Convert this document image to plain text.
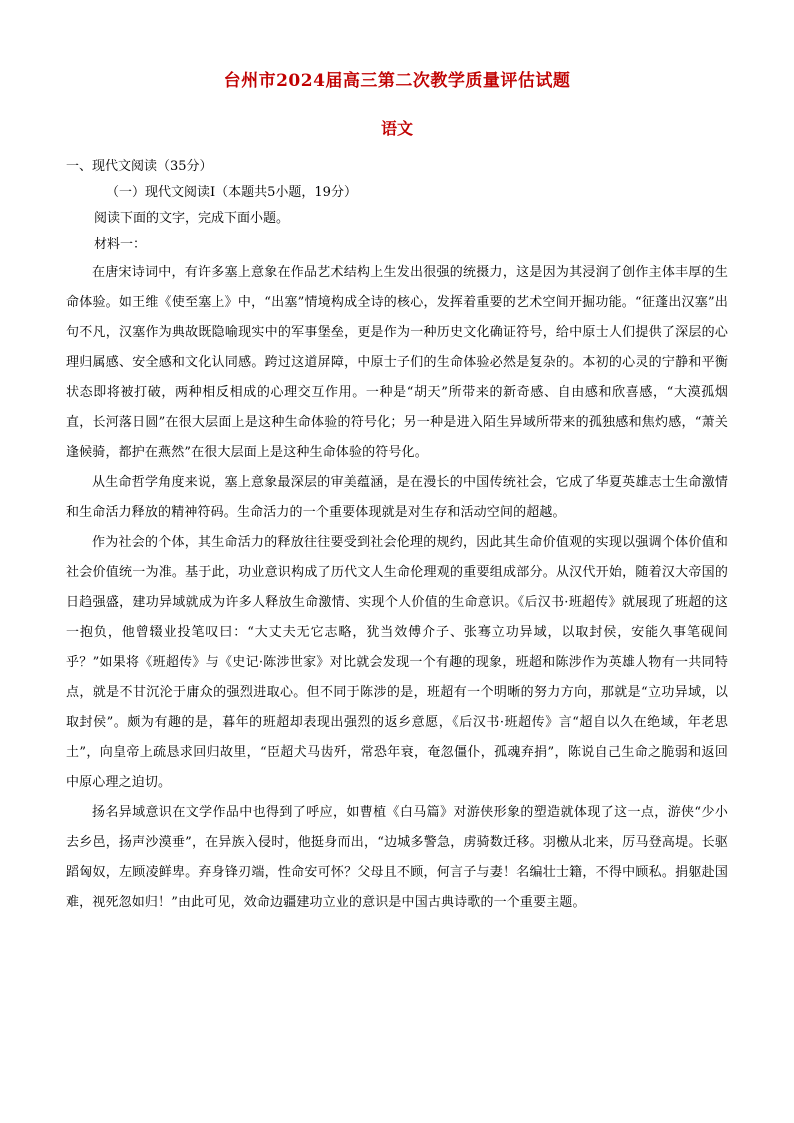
台州市2024届高三第二次教学质量评估试题
语文

一、现代文阅读（35分）

（一）现代文阅读Ⅰ（本题共5小题，19分）

阅读下面的文字，完成下面小题。

材料一：

在唐宋诗词中，有许多塞上意象在作品艺术结构上生发出很强的统摄力，这是因为其浸润了创作主体丰厚的生命体验。如王维《使至塞上》中，“出塞”情境构成全诗的核心，发挥着重要的艺术空间开掘功能。“征蓬出汉塞”出句不凡，汉塞作为典故既隐喻现实中的军事堡垒，更是作为一种历史文化确证符号，给中原士人们提供了深层的心理归属感、安全感和文化认同感。跨过这道屏障，中原士子们的生命体验必然是复杂的。本初的心灵的宁静和平衡状态即将被打破，两种相反相成的心理交互作用。一种是“胡天”所带来的新奇感、自由感和欣喜感，“大漠孤烟直，长河落日圆”在很大层面上是这种生命体验的符号化；另一种是进入陌生异域所带来的孤独感和焦灼感，“萧关逢候骑，都护在燕然”在很大层面上是这种生命体验的符号化。

从生命哲学角度来说，塞上意象最深层的审美蕴涵，是在漫长的中国传统社会，它成了华夏英雄志士生命激情和生命活力释放的精神符码。生命活力的一个重要体现就是对生存和活动空间的超越。

作为社会的个体，其生命活力的释放往往要受到社会伦理的规约，因此其生命价值观的实现以强调个体价值和社会价值统一为准。基于此，功业意识构成了历代文人生命伦理观的重要组成部分。从汉代开始，随着汉大帝国的日趋强盛，建功异域就成为许多人释放生命激情、实现个人价值的生命意识。《后汉书·班超传》就展现了班超的这一抱负，他曾辍业投笔叹曰：“大丈夫无它志略，犹当效傅介子、张骞立功异域，以取封侯，安能久事笔砚间乎？”如果将《班超传》与《史记·陈涉世家》对比就会发现一个有趣的现象，班超和陈涉作为英雄人物有一共同特点，就是不甘沉沦于庸众的强烈进取心。但不同于陈涉的是，班超有一个明晰的努力方向，那就是“立功异域，以取封侯”。颇为有趣的是，暮年的班超却表现出强烈的返乡意愿，《后汉书·班超传》言“超自以久在绝域，年老思土”，向皇帝上疏恳求回归故里，“臣超犬马齿歼，常恐年衰，奄忽僵仆，孤魂弃捐”，陈说自己生命之脆弱和返回中原心理之迫切。

扬名异域意识在文学作品中也得到了呼应，如曹植《白马篇》对游侠形象的塑造就体现了这一点，游侠“少小去乡邑，扬声沙漠垂”，在异族入侵时，他挺身而出，“边城多警急，虏骑数迁移。羽檄从北来，厉马登高堤。长驱蹈匈奴，左顾凌鲜卑。弃身锋刃端，性命安可怀？父母且不顾，何言子与妻！名编壮士籍，不得中顾私。捐躯赴国难，视死忽如归！”由此可见，效命边疆建功立业的意识是中国古典诗歌的一个重要主题。
